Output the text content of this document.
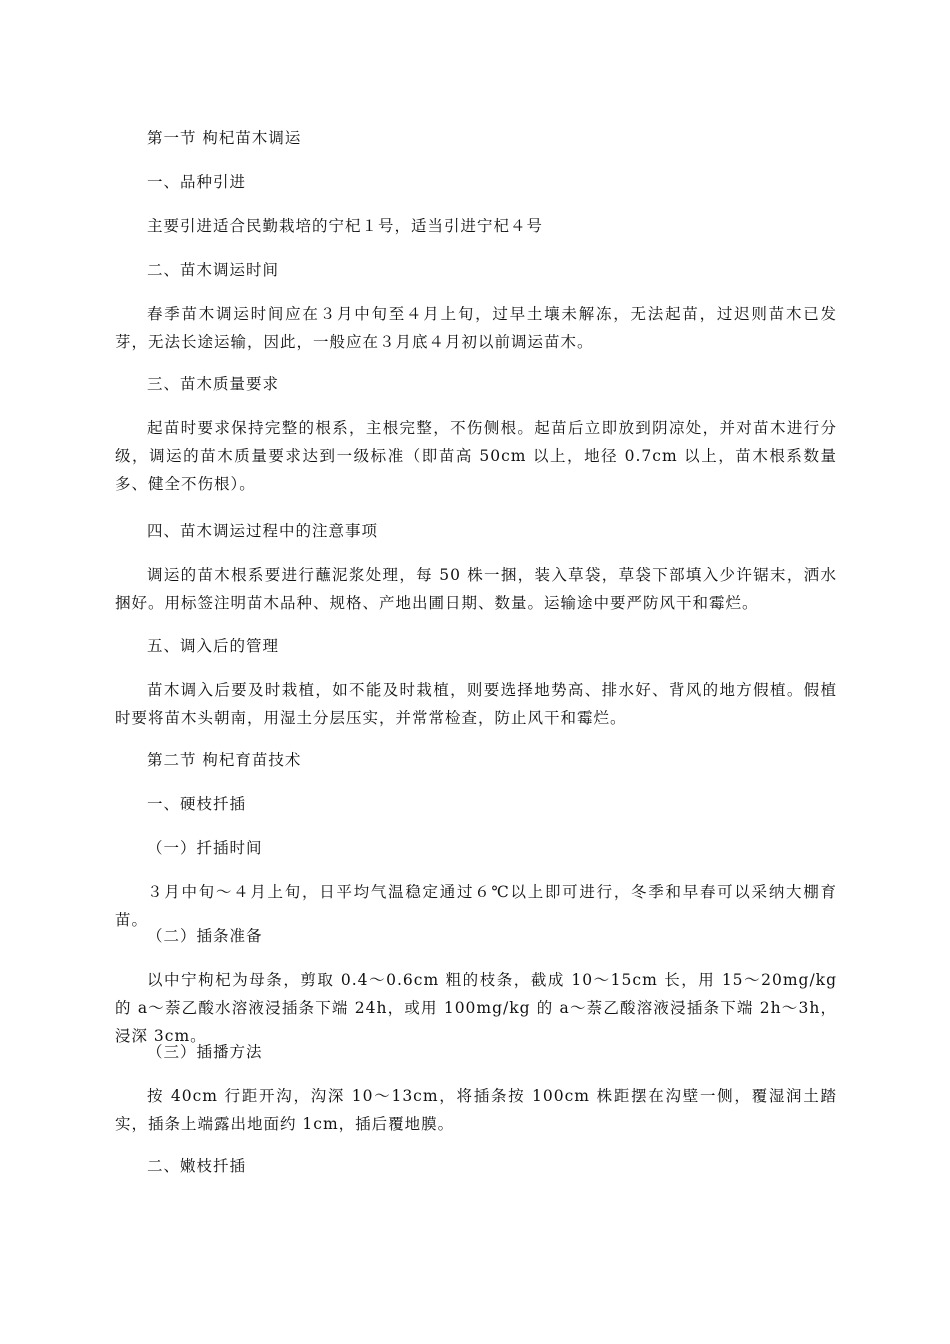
第一节 枸杞苗木调运

一、品种引进

主要引进适合民勤栽培的宁杞１号，适当引进宁杞４号

二、苗木调运时间

春季苗木调运时间应在３月中旬至４月上旬，过早土壤未解冻，无法起苗，过迟则苗木已发芽，无法长途运输，因此，一般应在３月底４月初以前调运苗木。

三、苗木质量要求

起苗时要求保持完整的根系，主根完整，不伤侧根。起苗后立即放到阴凉处，并对苗木进行分级，调运的苗木质量要求达到一级标准（即苗高 50cm 以上，地径 0.7cm 以上，苗木根系数量多、健全不伤根）。

四、苗木调运过程中的注意事项

调运的苗木根系要进行蘸泥浆处理，每 50 株一捆，装入草袋，草袋下部填入少许锯末，洒水捆好。用标签注明苗木品种、规格、产地出圃日期、数量。运输途中要严防风干和霉烂。

五、调入后的管理

苗木调入后要及时栽植，如不能及时栽植，则要选择地势高、排水好、背风的地方假植。假植时要将苗木头朝南，用湿土分层压实，并常常检查，防止风干和霉烂。

第二节 枸杞育苗技术

一、硬枝扦插

（一）扦插时间

３月中旬～４月上旬，日平均气温稳定通过６℃以上即可进行，冬季和早春可以采纳大棚育苗。

（二）插条准备

以中宁枸杞为母条，剪取 0.4～0.6cm 粗的枝条，截成 10～15cm 长，用 15～20mg/kg 的 a～萘乙酸水溶液浸插条下端 24h，或用 100mg/kg 的 a～萘乙酸溶液浸插条下端 2h～3h，浸深 3cm。

（三）插播方法

按 40cm 行距开沟，沟深 10～13cm，将插条按 100cm 株距摆在沟壁一侧，覆湿润土踏实，插条上端露出地面约 1cm，插后覆地膜。

二、嫩枝扦插
